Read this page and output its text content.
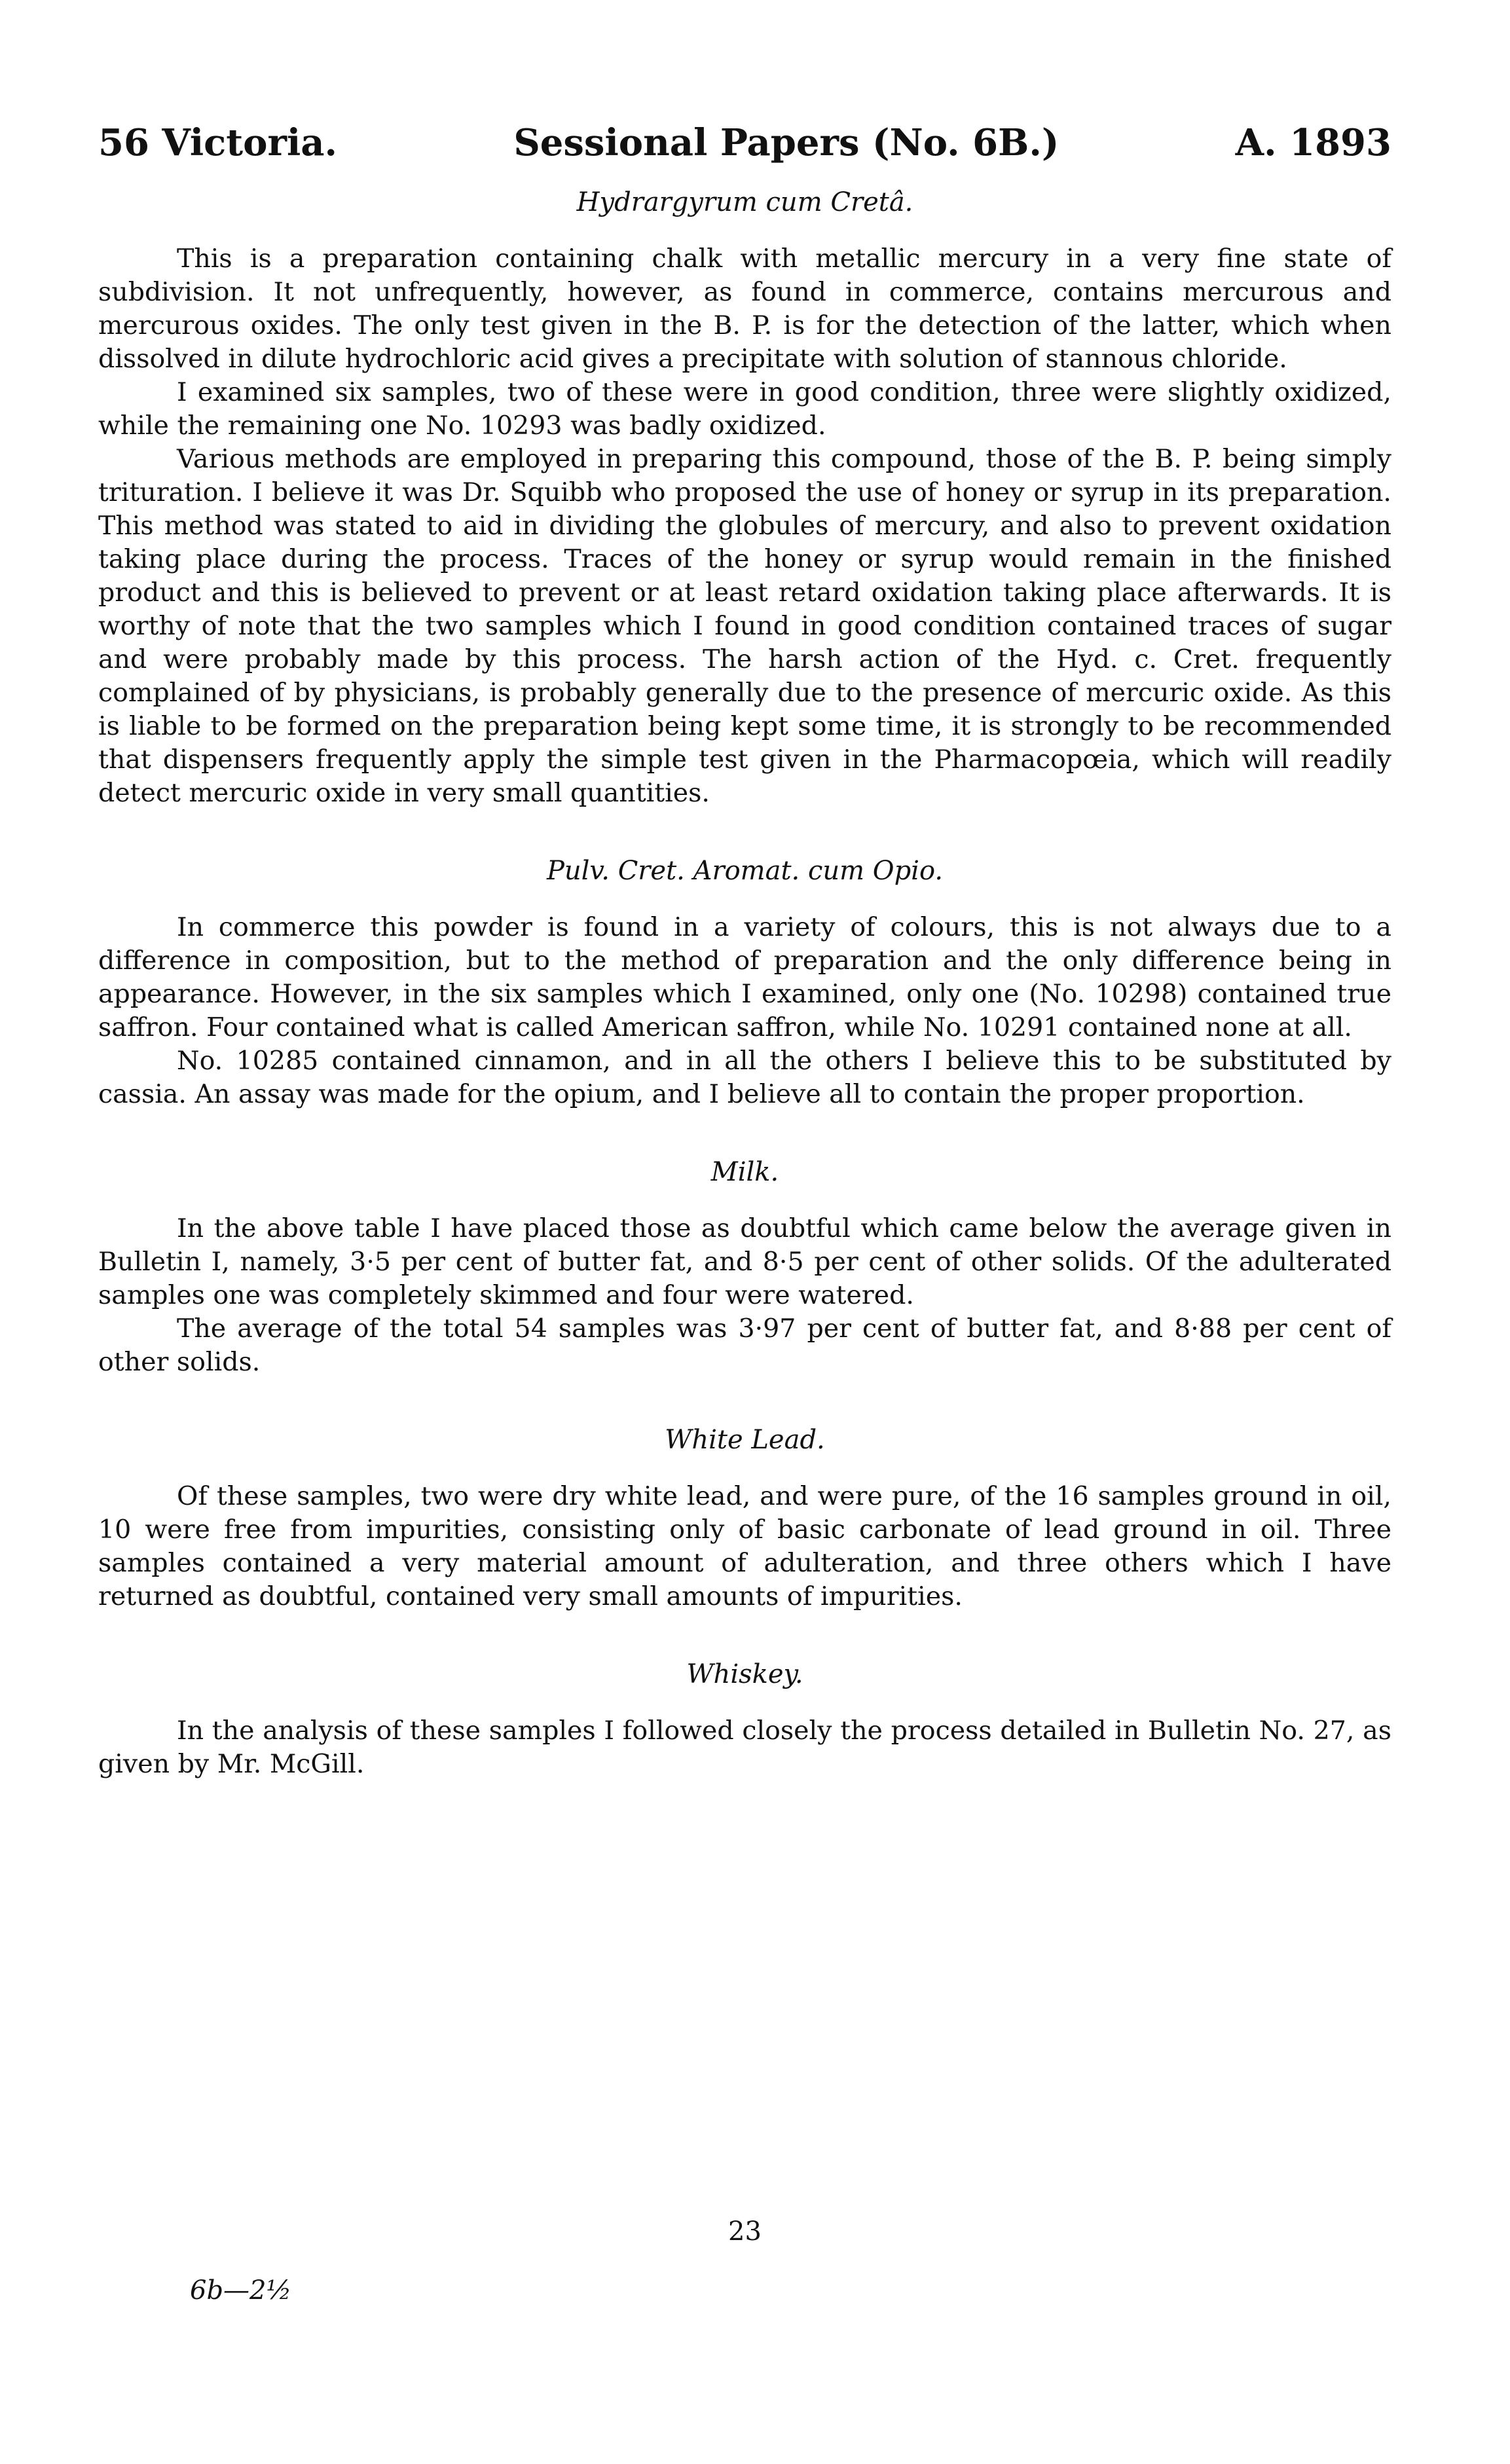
56 Victoria.	Sessional Papers (No. 6B.)	A. 1893
Hydrargyrum cum Cretâ.

This is a preparation containing chalk with metallic mercury in a very fine state of subdivision. It not unfrequently, however, as found in commerce, contains mercurous and mercurous oxides. The only test given in the B. P. is for the detection of the latter, which when dissolved in dilute hydrochloric acid gives a precipitate with solution of stannous chloride.

I examined six samples, two of these were in good condition, three were slightly oxidized, while the remaining one No. 10293 was badly oxidized.

Various methods are employed in preparing this compound, those of the B. P. being simply trituration. I believe it was Dr. Squibb who proposed the use of honey or syrup in its preparation. This method was stated to aid in dividing the globules of mercury, and also to prevent oxidation taking place during the process. Traces of the honey or syrup would remain in the finished product and this is believed to prevent or at least retard oxidation taking place afterwards. It is worthy of note that the two samples which I found in good condition contained traces of sugar and were probably made by this process. The harsh action of the Hyd. c. Cret. frequently complained of by physicians, is probably generally due to the presence of mercuric oxide. As this is liable to be formed on the preparation being kept some time, it is strongly to be recommended that dispensers frequently apply the simple test given in the Pharmacopœia, which will readily detect mercuric oxide in very small quantities.

Pulv. Cret. Aromat. cum Opio.

In commerce this powder is found in a variety of colours, this is not always due to a difference in composition, but to the method of preparation and the only difference being in appearance. However, in the six samples which I examined, only one (No. 10298) contained true saffron. Four contained what is called American saffron, while No. 10291 contained none at all.

No. 10285 contained cinnamon, and in all the others I believe this to be substituted by cassia. An assay was made for the opium, and I believe all to contain the proper proportion.

Milk.

In the above table I have placed those as doubtful which came below the average given in Bulletin I, namely, 3·5 per cent of butter fat, and 8·5 per cent of other solids. Of the adulterated samples one was completely skimmed and four were watered.

The average of the total 54 samples was 3·97 per cent of butter fat, and 8·88 per cent of other solids.

White Lead.

Of these samples, two were dry white lead, and were pure, of the 16 samples ground in oil, 10 were free from impurities, consisting only of basic carbonate of lead ground in oil. Three samples contained a very material amount of adulteration, and three others which I have returned as doubtful, contained very small amounts of impurities.

Whiskey.

In the analysis of these samples I followed closely the process detailed in Bulletin No. 27, as given by Mr. McGill.

23
6b—2½
